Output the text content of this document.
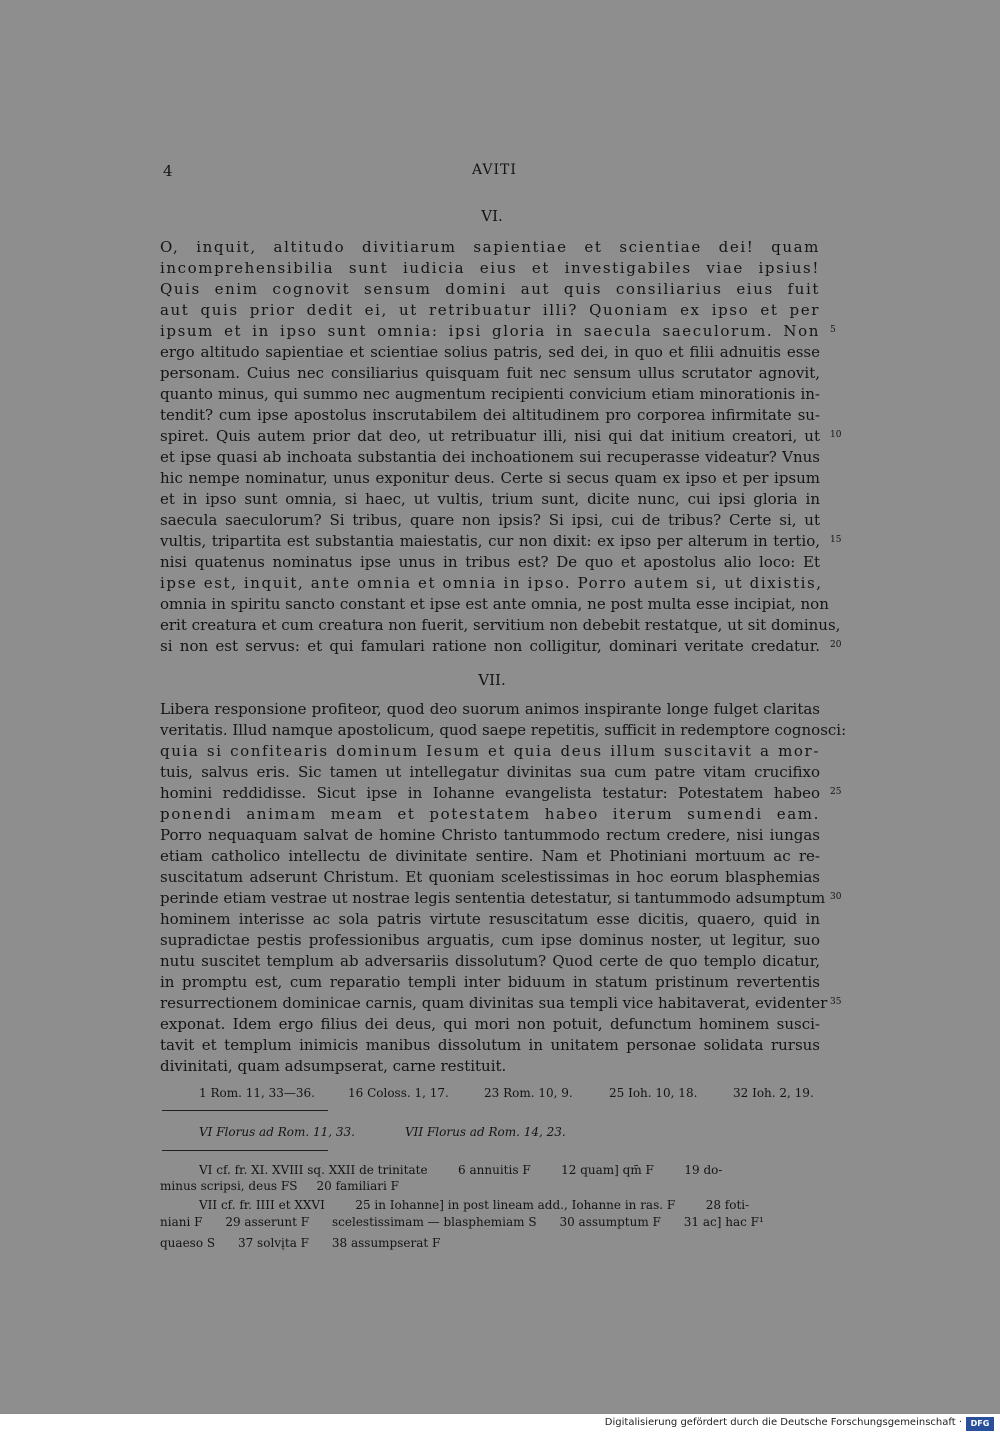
4	AVITI
VI.
O, inquit, altitudo divitiarum sapientiae et scientiae dei! quam
incomprehensibilia sunt iudicia eius et investigabiles viae ipsius!
Quis enim cognovit sensum domini aut quis consiliarius eius fuit
aut quis prior dedit ei, ut retribuatur illi? Quoniam ex ipso et per
ipsum et in ipso sunt omnia: ipsi gloria in saecula saeculorum. Non
ergo altitudo sapientiae et scientiae solius patris, sed dei, in quo et filii adnuitis esse
personam. Cuius nec consiliarius quisquam fuit nec sensum ullus scrutator agnovit,
quanto minus, qui summo nec augmentum recipienti convicium etiam minorationis in-
tendit? cum ipse apostolus inscrutabilem dei altitudinem pro corporea infirmitate su-
spiret. Quis autem prior dat deo, ut retribuatur illi, nisi qui dat initium creatori, ut
et ipse quasi ab inchoata substantia dei inchoationem sui recuperasse videatur? Vnus
hic nempe nominatur, unus exponitur deus. Certe si secus quam ex ipso et per ipsum
et in ipso sunt omnia, si haec, ut vultis, trium sunt, dicite nunc, cui ipsi gloria in
saecula saeculorum? Si tribus, quare non ipsis? Si ipsi, cui de tribus? Certe si, ut
vultis, tripartita est substantia maiestatis, cur non dixit: ex ipso per alterum in tertio,
nisi quatenus nominatus ipse unus in tribus est? De quo et apostolus alio loco: Et
ipse est, inquit, ante omnia et omnia in ipso. Porro autem si, ut dixistis,
omnia in spiritu sancto constant et ipse est ante omnia, ne post multa esse incipiat, non
erit creatura et cum creatura non fuerit, servitium non debebit restatque, ut sit dominus,
si non est servus: et qui famulari ratione non colligitur, dominari veritate credatur.
5
10
15
20
VII.
Libera responsione profiteor, quod deo suorum animos inspirante longe fulget claritas
veritatis. Illud namque apostolicum, quod saepe repetitis, sufficit in redemptore cognosci:
quia si confitearis dominum Iesum et quia deus illum suscitavit a mor-
tuis, salvus eris. Sic tamen ut intellegatur divinitas sua cum patre vitam crucifixo
homini reddidisse. Sicut ipse in Iohanne evangelista testatur: Potestatem habeo
ponendi animam meam et potestatem habeo iterum sumendi eam.
Porro nequaquam salvat de homine Christo tantummodo rectum credere, nisi iungas
etiam catholico intellectu de divinitate sentire. Nam et Photiniani mortuum ac re-
suscitatum adserunt Christum. Et quoniam scelestissimas in hoc eorum blasphemias
perinde etiam vestrae ut nostrae legis sententia detestatur, si tantummodo adsumptum
hominem interisse ac sola patris virtute resuscitatum esse dicitis, quaero, quid in
supradictae pestis professionibus arguatis, cum ipse dominus noster, ut legitur, suo
nutu suscitet templum ab adversariis dissolutum? Quod certe de quo templo dicatur,
in promptu est, cum reparatio templi inter biduum in statum pristinum revertentis
resurrectionem dominicae carnis, quam divinitas sua templi vice habitaverat, evidenter
exponat. Idem ergo filius dei deus, qui mori non potuit, defunctum hominem susci-
tavit et templum inimicis manibus dissolutum in unitatem personae solidata rursus
divinitati, quam adsumpserat, carne restituit.
25
30
35
1 Rom. 11, 33—36.	16 Coloss. 1, 17.	23 Rom. 10, 9.	25 Ioh. 10, 18.	32 Ioh. 2, 19.
VI Florus ad Rom. 11, 33.	VII Florus ad Rom. 14, 23.
VI cf. fr. XI. XVIII sq. XXII de trinitate        6 annuitis F        12 quam] qm̄ F        19 do-
minus scripsi, deus FS     20 familiari F
VII cf. fr. IIII et XXVI        25 in Iohanne] in post lineam add., Iohanne in ras. F        28 foti-
niani F      29 asserunt F      scelestissimam — blasphemiam S      30 assumptum F      31 ac] hac F¹
quaeso S      37 solvįta F      38 assumpserat F
Digitalisierung gefördert durch die Deutsche Forschungsgemeinschaft ·	DFG
